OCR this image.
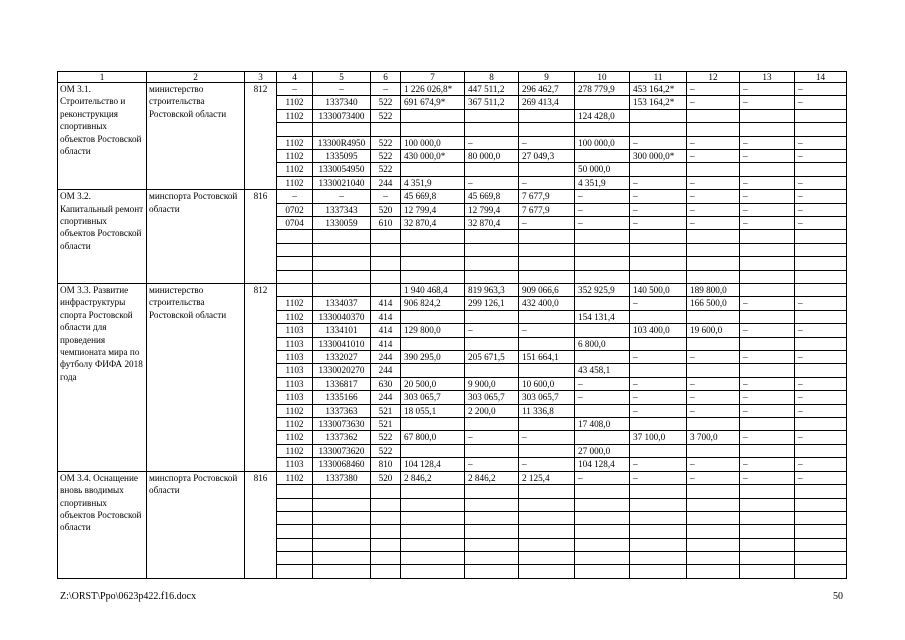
1	2	3	4	5	6	7	8	9	10	11	12	13	14
ОМ 3.1. Строительство и реконструкция спортивных объектов Ростовской области	министерство строительства Ростовской области	812	–	–	–	1 226 026,8*	447 511,2	296 462,7	278 779,9	453 164,2*	–	–	–
			1102	1337340	522	691 674,9*	367 511,2	269 413,4		153 164,2*	–	–	–
			1102	1330073400	522				124 428,0				

			1102	13300R4950	522	100 000,0	–	–	100 000,0	–	–	–	–
			1102	1335095	522	430 000,0*	80 000,0	27 049,3		300 000,0*	–	–	–
			1102	1330054950	522				50 000,0				
			1102	1330021040	244	4 351,9	–	–	4 351,9	–	–	–	–
ОМ 3.2. Капитальный ремонт спортивных объектов Ростовской области	минспорта Ростовской области	816	–	–	–	45 669,8	45 669,8	7 677,9	–	–	–	–	–
			0702	1337343	520	12 799,4	12 799,4	7 677,9	–	–	–	–	–
			0704	1330059	610	32 870,4	32 870,4	–	–	–	–	–	–

ОМ 3.3. Развитие инфраструктуры спорта Ростовской области для проведения чемпионата мира по футболу ФИФА 2018 года	министерство строительства Ростовской области	812				1 940 468,4	819 963,3	909 066,6	352 925,9	140 500,0	189 800,0		
			1102	1334037	414	906 824,2	299 126,1	432 400,0		–	166 500,0	–	–
			1102	1330040370	414				154 131,4				
			1103	1334101	414	129 800,0	–	–		103 400,0	19 600,0	–	–
			1103	1330041010	414				6 800,0				
			1103	1332027	244	390 295,0	205 671,5	151 664,1		–	–	–	–
			1103	1330020270	244				43 458,1				
			1103	1336817	630	20 500,0	9 900,0	10 600,0	–	–	–	–	–
			1103	1335166	244	303 065,7	303 065,7	303 065,7	–	–	–	–	–
			1102	1337363	521	18 055,1	2 200,0	11 336,8		–	–	–	–
			1102	1330073630	521				17 408,0				
			1102	1337362	522	67 800,0	–	–		37 100,0	3 700,0	–	–
			1102	1330073620	522				27 000,0				
			1103	1330068460	810	104 128,4	–	–	104 128,4	–	–	–	–
ОМ 3.4. Оснащение вновь вводимых спортивных объектов Ростовской области	минспорта Ростовской области	816	1102	1337380	520	2 846,2	2 846,2	2 125,4	–	–	–	–	–

Z:\ORST\Ppo\0623p422.f16.docx	50
